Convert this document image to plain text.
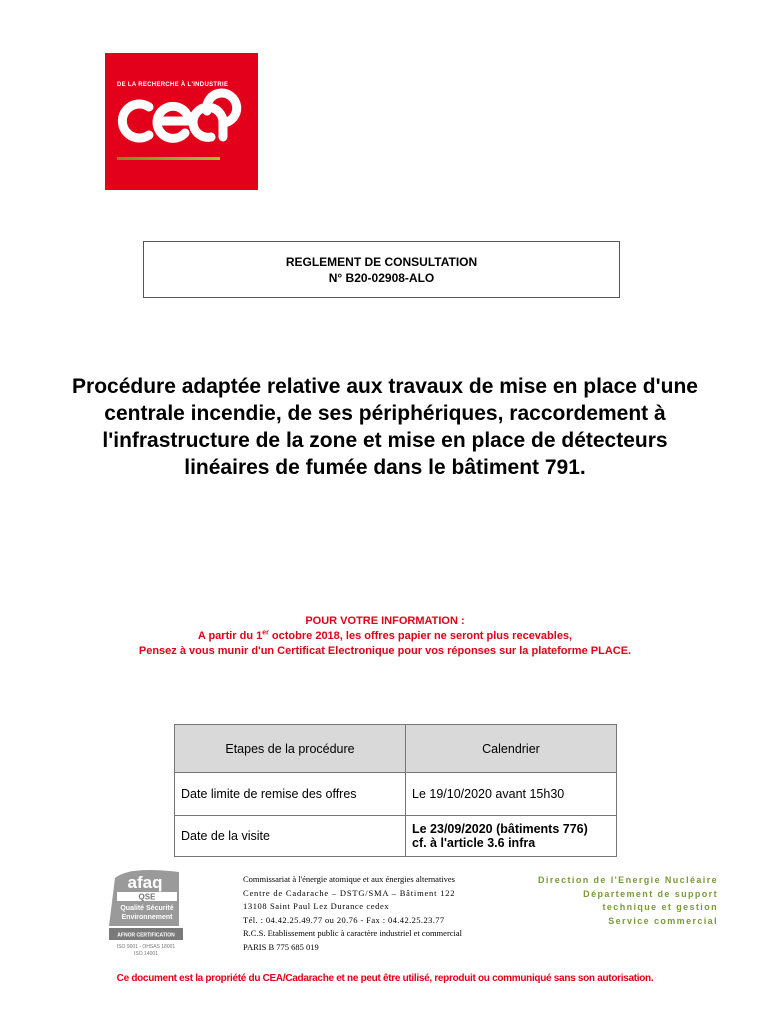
DE LA RECHERCHE À L'INDUSTRIE
REGLEMENT DE CONSULTATION
N° B20-02908-ALO
Procédure adaptée relative aux travaux de mise en place d'une centrale incendie, de ses périphériques, raccordement à l'infrastructure de la zone et mise en place de détecteurs linéaires de fumée dans le bâtiment 791.
POUR VOTRE INFORMATION :
A partir du 1er octobre 2018, les offres papier ne seront plus recevables,
Pensez à vous munir d'un Certificat Electronique pour vos réponses sur la plateforme PLACE.
Etapes de la procédure	Calendrier
Date limite de remise des offres	Le 19/10/2020 avant 15h30
Date de la visite	Le 23/09/2020 (bâtiments 776)
cf. à l'article 3.6 infra
afaq
QSE
Qualité Sécurité
Environnement
AFNOR CERTIFICATION
ISO 9001 - OHSAS 18001
ISO 14001
Commissariat à l'énergie atomique et aux énergies alternatives
Centre de Cadarache – DSTG/SMA – Bâtiment 122
13108 Saint Paul Lez Durance cedex
Tél. : 04.42.25.49.77 ou 20.76 - Fax : 04.42.25.23.77
R.C.S. Etablissement public à caractère industriel et commercial
PARIS B 775 685 019
Direction de l'Energie Nucléaire
Département de support
technique et gestion
Service commercial
Ce document est la propriété du CEA/Cadarache et ne peut être utilisé, reproduit ou communiqué sans son autorisation.
